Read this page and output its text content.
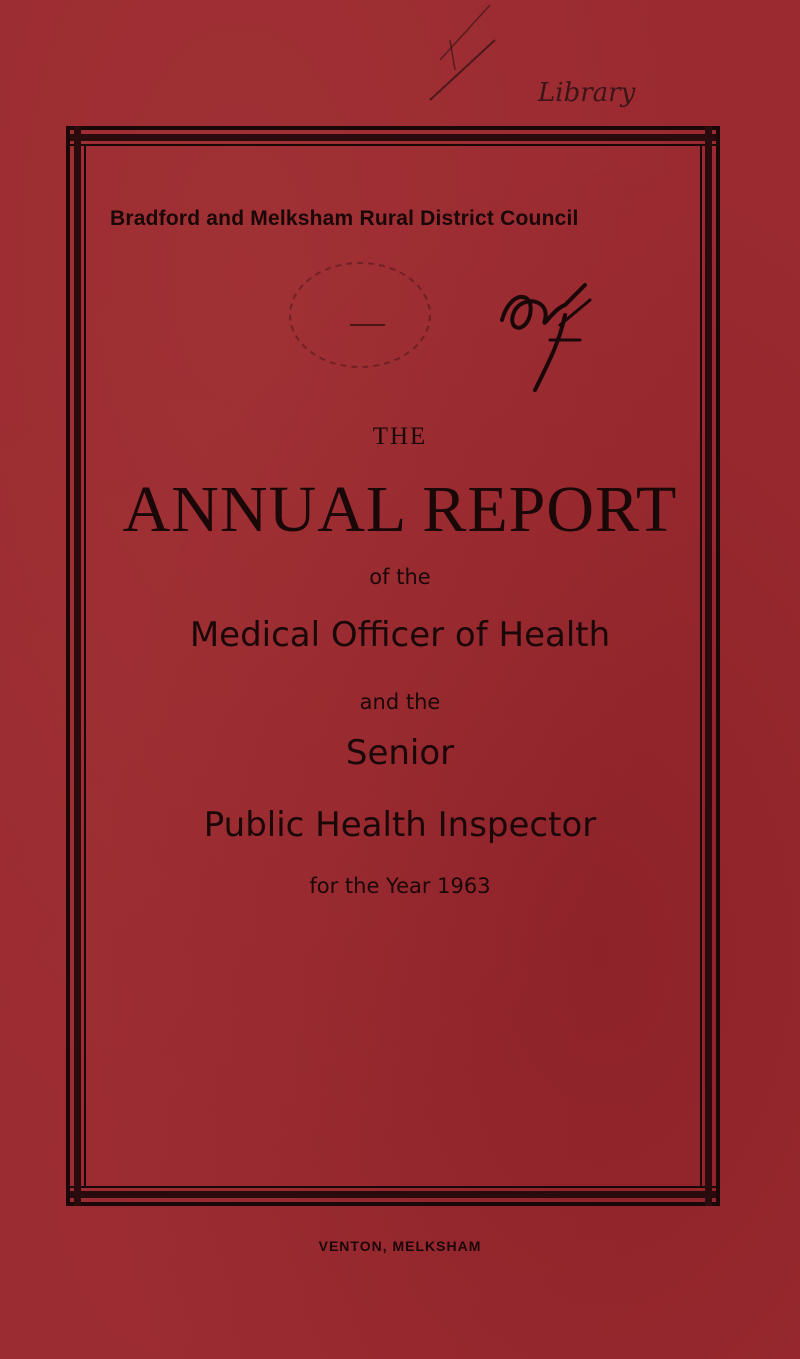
Library
Bradford and Melksham Rural District Council
THE
ANNUAL REPORT
of the
Medical Officer of Health
and the
Senior
Public Health Inspector
for the Year 1963
VENTON, MELKSHAM
